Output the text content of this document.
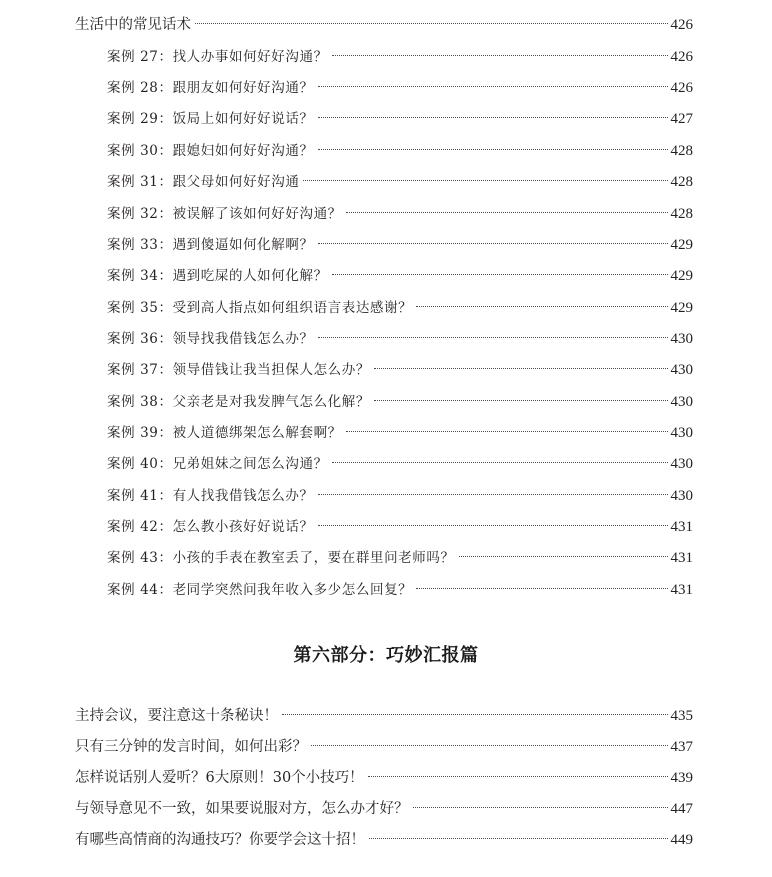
生活中的常见话术	426
案例 27：找人办事如何好好沟通？	426
案例 28：跟朋友如何好好沟通？	426
案例 29：饭局上如何好好说话？	427
案例 30：跟媳妇如何好好沟通？	428
案例 31：跟父母如何好好沟通	428
案例 32：被误解了该如何好好沟通？	428
案例 33：遇到傻逼如何化解啊？	429
案例 34：遇到吃屎的人如何化解？	429
案例 35：受到高人指点如何组织语言表达感谢？	429
案例 36：领导找我借钱怎么办？	430
案例 37：领导借钱让我当担保人怎么办？	430
案例 38：父亲老是对我发脾气怎么化解？	430
案例 39：被人道德绑架怎么解套啊？	430
案例 40：兄弟姐妹之间怎么沟通？	430
案例 41：有人找我借钱怎么办？	430
案例 42：怎么教小孩好好说话？	431
案例 43：小孩的手表在教室丢了，要在群里问老师吗？	431
案例 44：老同学突然问我年收入多少怎么回复？	431
第六部分：巧妙汇报篇
主持会议，要注意这十条秘诀！	435
只有三分钟的发言时间，如何出彩？	437
怎样说话别人爱听？6大原则！30个小技巧！	439
与领导意见不一致，如果要说服对方，怎么办才好？	447
有哪些高情商的沟通技巧？你要学会这十招！	449
